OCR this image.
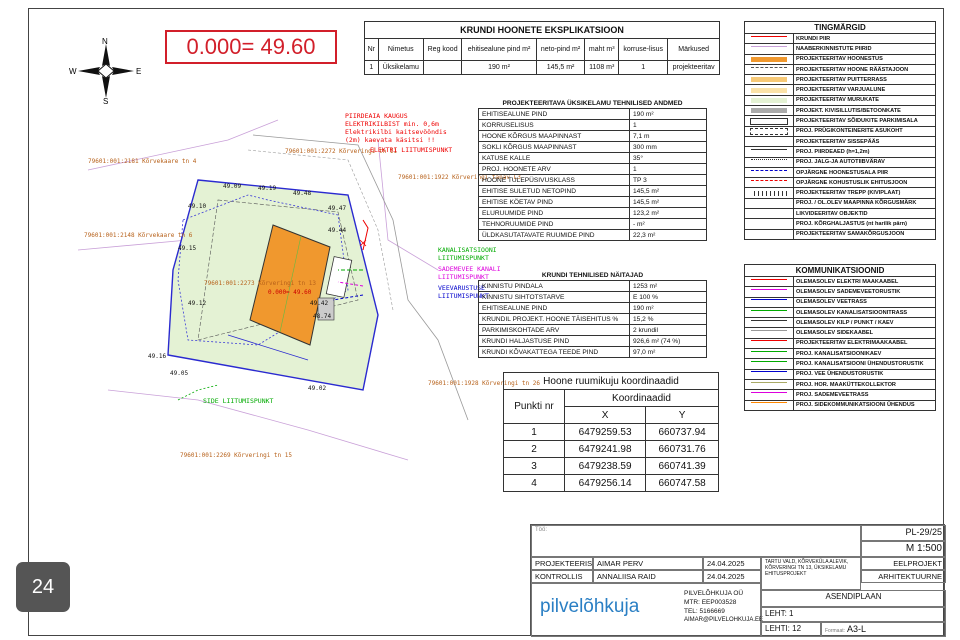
0.000= 49.60
N
S
W	E
49.09	49.19
49.15
49.10
49.48
49.47
49.44
49.12
49.16
49.05
49.42
48.74
49.02
0.000= 49.60
79601:001:2181 Kõrvekaare tn 4
79601:001:2148 Kõrvekaare tn 6
79601:001:2272 Kõrveringi tn 11
79601:001:1922 Kõrveringi tänav L3
79601:001:2273 Kõrveringi tn 13
79601:001:1928 Kõrveringi tn 26
79601:001:2269 Kõrveringi tn 15
PIIRDEAIA KAUGUS ELEKTRIKILBIST min. 0,6m
Elektrikilbi kaitsevööndis (2m) kaevata käsitsi !!
ELEKTRI LIITUMISPUNKT
KANALISATSIOONI LIITUMISPUNKT
SADEMEVEE KANALI LIITUMISPUNKT
VEEVARUSTUSE LIITUMISPUNKT
SIDE LIITUMISPUNKT
KRUNDI HOONETE EKSPLIKATSIOON							
Nr	Nimetus	Reg kood	ehitisealune pind m²	neto-pind m²	maht m³	korruse-lisus	Märkused
1	Üksikelamu		190 m²	145,5 m²	1108 m³	1	projekteeritav
PROJEKTEERITAVA ÜKSIKELAMU TEHNILISED ANDMED	
EHITISEALUNE PIND	190 m²
KORRUSELISUS	1
HOONE KÕRGUS MAAPINNAST	7,1 m
SOKLI KÕRGUS MAAPINNAST	300 mm
KATUSE KALLE	35°
PROJ. HOONETE ARV	1
HOONE TULEPÜSIVUSKLASS	TP 3
EHITISE SULETUD NETOPIND	145,5 m²
EHITISE KÖETAV PIND	145,5 m²
ELURUUMIDE PIND	123,2 m²
TEHNORUUMIDE PIND	- m²
ÜLDKASUTATAVATE RUUMIDE PIND	22,3 m²
KRUNDI TEHNILISED NÄITAJAD	
KINNISTU PINDALA	1253 m²
KINNISTU SIHTOTSTARVE	E 100 %
EHITISEALUNE PIND	190 m²
KRUNDIL PROJEKT. HOONE TÄISEHITUS %	15,2 %
PARKIMISKOHTADE ARV	2 krundil
KRUNDI HALJASTUSE PIND	926,6 m² (74 %)
KRUNDI KÕVAKATTEGA TEEDE PIND	97,0 m²
Hoone ruumikuju koordinaadid		
Punkti nr	Koordinaadid	
	X	Y
1	6479259.53	660737.94
2	6479241.98	660731.76
3	6479238.59	660741.39
4	6479256.14	660747.58
TINGMÄRGID	

	KRUNDI PIIR

	NAABERKINNISTUTE PIIRID

	PROJEKTEERITAV HOONESTUS

	PROJEKTEERITAV HOONE RÄÄSTAJOON

	PROJEKTEERITAV PUITTERRASS

	PROJEKTEERITAV VARJUALUNE

	PROJEKTEERITAV MURUKATE

	PROJEKT. KIVISILLUTIS/BETOONKATE

	PROJEKTEERITAV SÕIDUKITE PARKIMISALA

	PROJ. PRÜGIKONTEINERITE ASUKOHT

	PROJEKTEERITAV SISSEPÄÄS

	PROJ. PIIRDEAED (h=1,2m)

	PROJ. JALG-JA AUTOTIIBVÄRAV

	OPJÄRGNE HOONESTUSALA PIIR

	OPJÄRGNE KOHUSTUSLIK EHITUSJOON

	PROJEKTEERITAV TREPP (KIVIPLAAT)

	PROJ. / OL.OLEV MAAPINNA KÕRGUSMÄRK

	LIKVIDEERITAV OBJEKTID

	PROJ. KÕRGHALJASTUS (nt harilik pärn)

	PROJEKTEERITAV SAMAKÕRGUSJOON
KOMMUNIKATSIOONID	

	OLEMASOLEV ELEKTRI MAAKAABEL

	OLEMASOLEV SADEMEVEETORUSTIK

	OLEMASOLEV VEETRASS

	OLEMASOLEV KANALISATSIOONITRASS

	OLEMASOLEV KILP / PUNKT / KAEV

	OLEMASOLEV SIDEKAABEL

	PROJEKTEERITAV ELEKTRIMAAKAABEL

	PROJ. KANALISATSIOONIKAEV

	PROJ. KANALISATSIOONI ÜHENDUSTORUSTIK

	PROJ. VEE ÜHENDUSTORUSTIK

	PROJ. HOR. MAAKÜTTEKOLLEKTOR

	PROJ. SADEMEVEETRASS

	PROJ. SIDEKOMMUNIKATSIOONI ÜHENDUS
Töö:	PL-29/25
M 1:500
PROJEKTEERIS AIMAR PERV	24.04.2025
KONTROLLIS	ANNALIISA RAID	24.04.2025
TARTU VALD, KÕRVEKÜLA ALEVIK, KÕRVERINGI TN 13, ÜKSIKELAMU EHITUSPROJEKT
EELPROJEKT
ARHITEKTUURNE
pilvelõhkuja
PILVELÕHKUJA OÜ
MTR: EEP003528
TEL: 5166669
AIMAR@PILVELOHKUJA.EE
ASENDIPLAAN
LEHT: 1
LEHTI: 12	Formaat: A3-L
24
